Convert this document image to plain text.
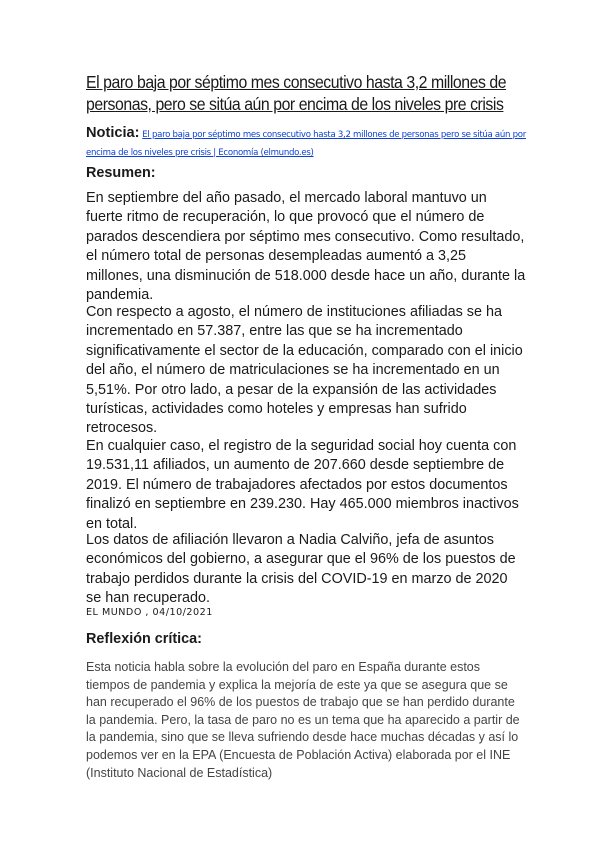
El paro baja por séptimo mes consecutivo hasta 3,2 millones de personas, pero se sitúa aún por encima de los niveles pre crisis
Noticia: El paro baja por séptimo mes consecutivo hasta 3,2 millones de personas pero se sitúa aún por encima de los niveles pre crisis | Economía (elmundo.es)
Resumen:

En septiembre del año pasado, el mercado laboral mantuvo un fuerte ritmo de recuperación, lo que provocó que el número de parados descendiera por séptimo mes consecutivo. Como resultado, el número total de personas desempleadas aumentó a 3,25 millones, una disminución de 518.000 desde hace un año, durante la pandemia.

Con respecto a agosto, el número de instituciones afiliadas se ha incrementado en 57.387, entre las que se ha incrementado significativamente el sector de la educación, comparado con el inicio del año, el número de matriculaciones se ha incrementado en un 5,51%. Por otro lado, a pesar de la expansión de las actividades turísticas, actividades como hoteles y empresas han sufrido retrocesos.

En cualquier caso, el registro de la seguridad social hoy cuenta con 19.531,11 afiliados, un aumento de 207.660 desde septiembre de 2019. El número de trabajadores afectados por estos documentos finalizó en septiembre en 239.230. Hay 465.000 miembros inactivos en total.

Los datos de afiliación llevaron a Nadia Calviño, jefa de asuntos económicos del gobierno, a asegurar que el 96% de los puestos de trabajo perdidos durante la crisis del COVID-19 en marzo de 2020 se han recuperado.

EL MUNDO , 04/10/2021
Reflexión crítica:
Esta noticia habla sobre la evolución del paro en España durante estos tiempos de pandemia y explica la mejoría de este ya que se asegura que se han recuperado el 96% de los puestos de trabajo que se han perdido durante la pandemia. Pero, la tasa de paro no es un tema que ha aparecido a partir de la pandemia, sino que se lleva sufriendo desde hace muchas décadas y así lo podemos ver en la EPA (Encuesta de Población Activa) elaborada por el INE (Instituto Nacional de Estadística)
